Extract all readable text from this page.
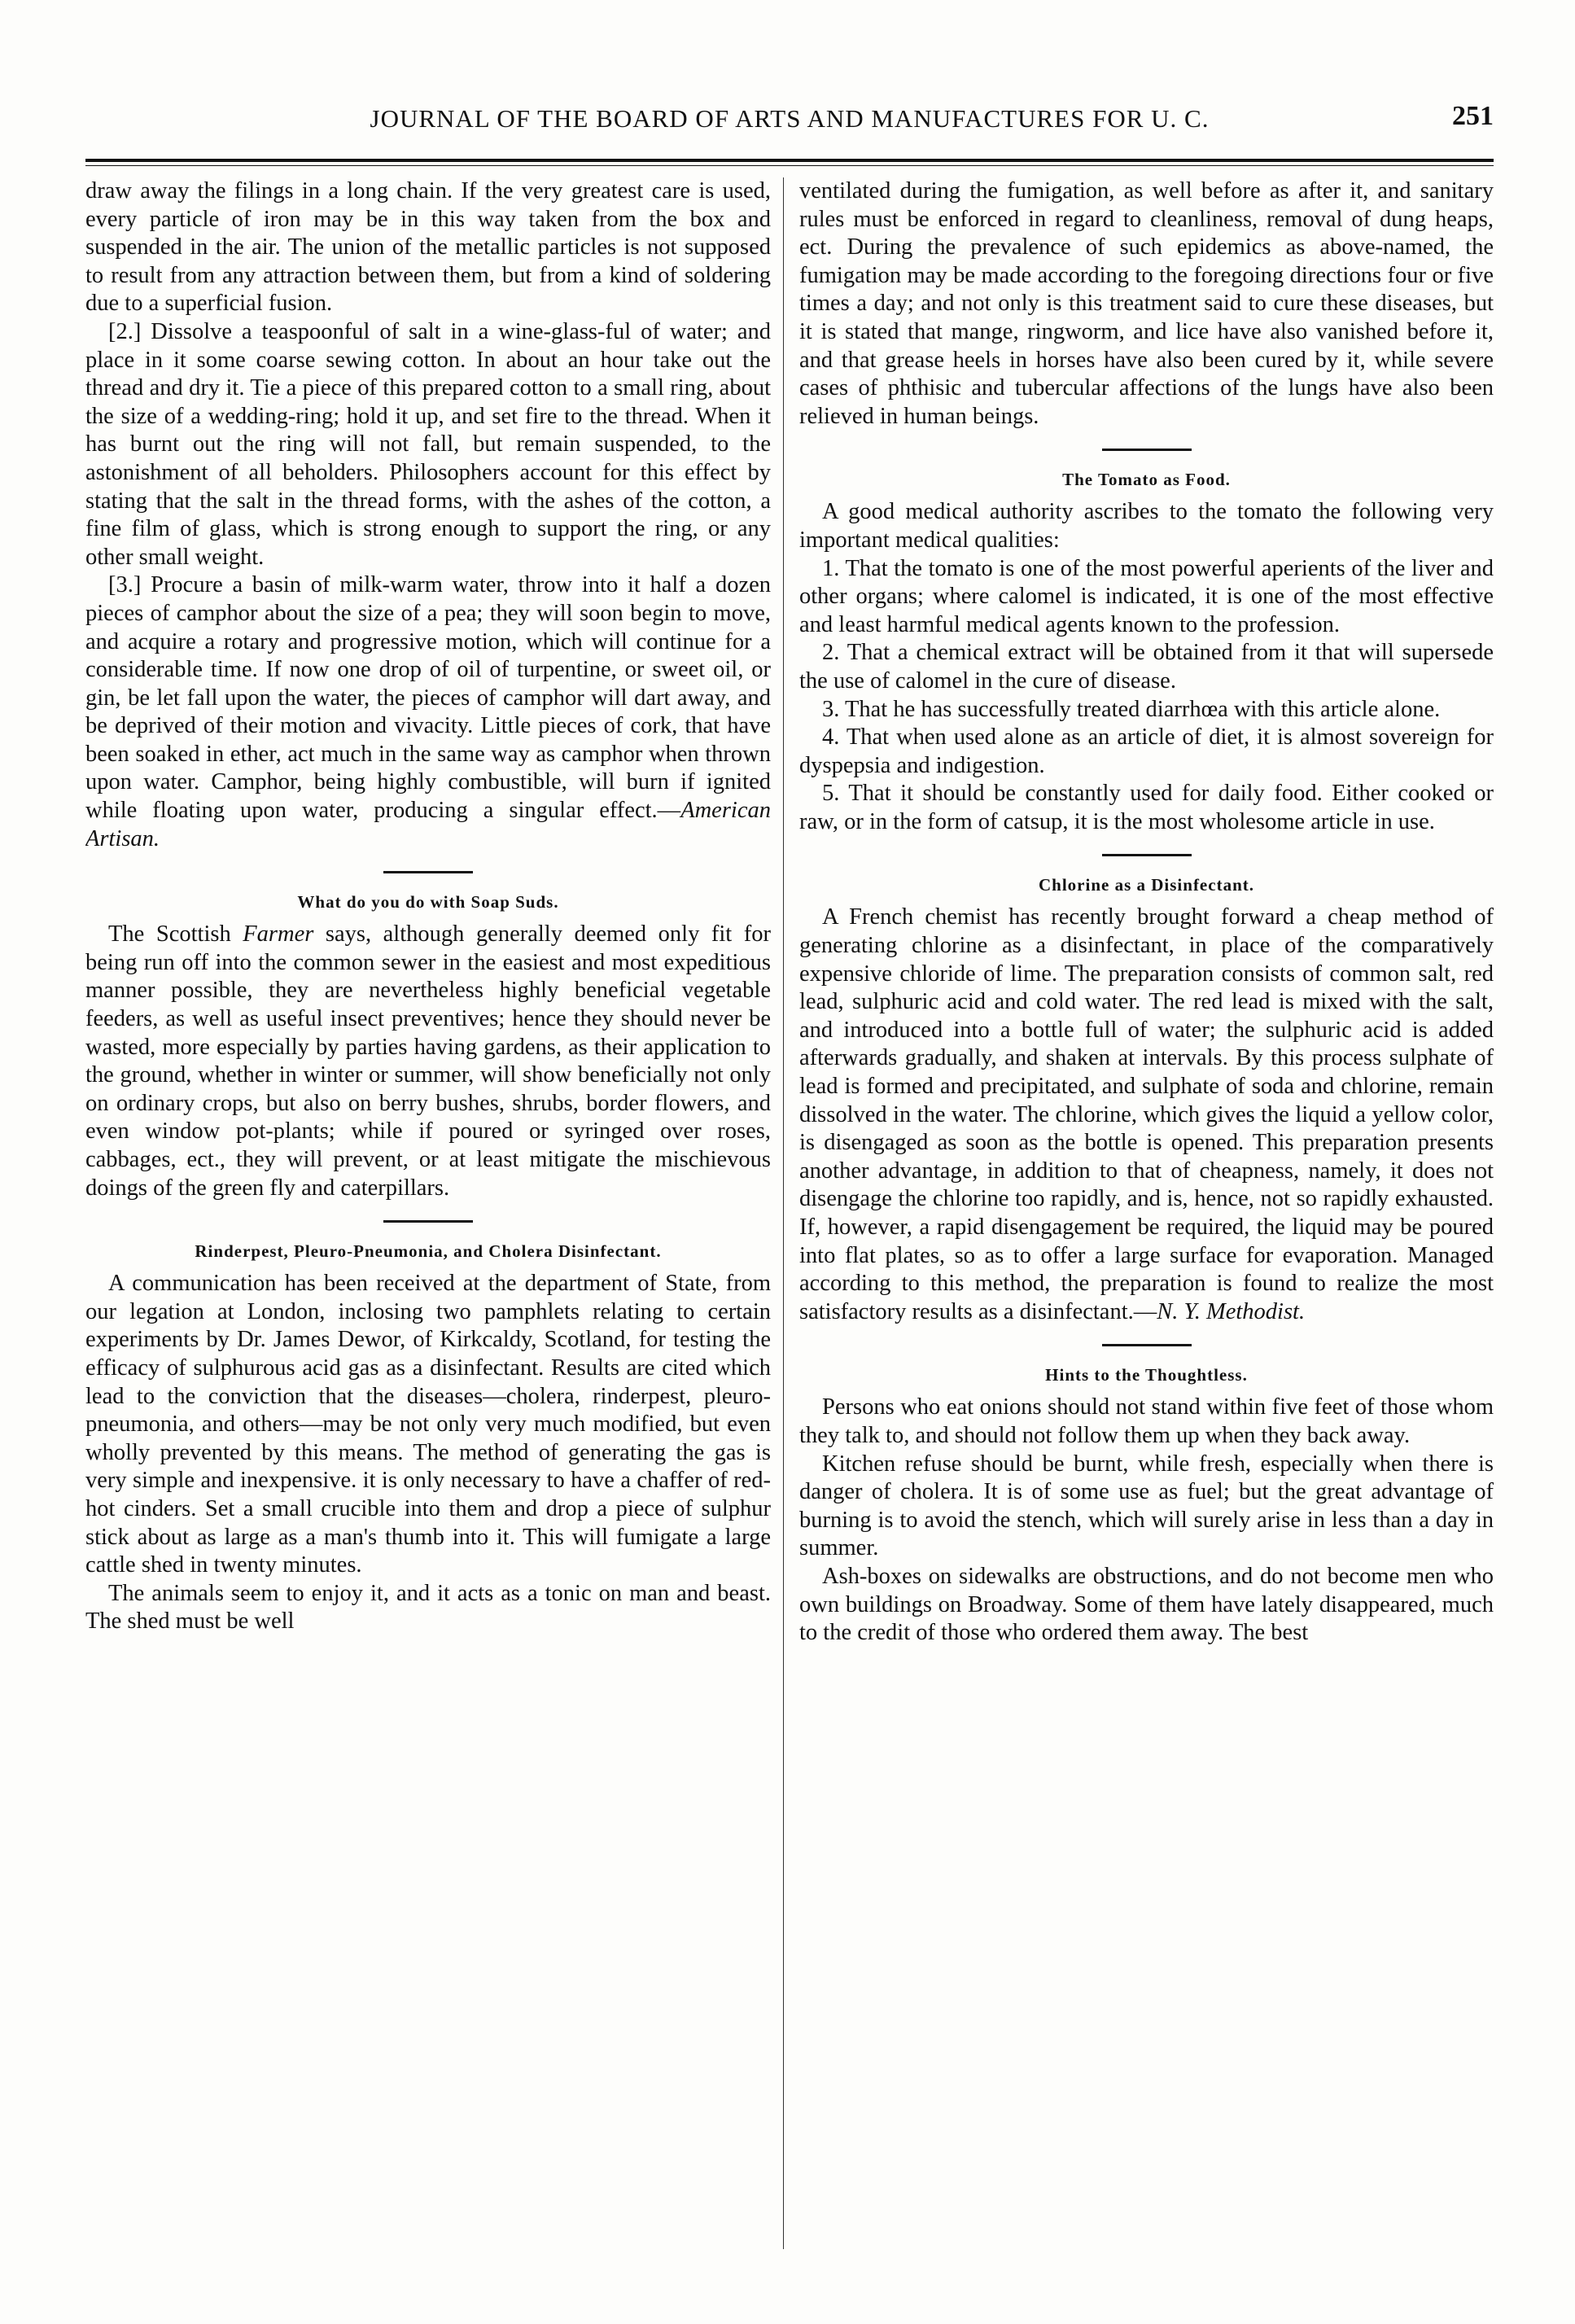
JOURNAL OF THE BOARD OF ARTS AND MANUFACTURES FOR U. C.	251

draw away the filings in a long chain. If the very greatest care is used, every particle of iron may be in this way taken from the box and suspended in the air. The union of the metallic particles is not supposed to result from any attraction between them, but from a kind of soldering due to a superficial fusion.

[2.] Dissolve a teaspoonful of salt in a wine-glass-ful of water; and place in it some coarse sewing cotton. In about an hour take out the thread and dry it. Tie a piece of this prepared cotton to a small ring, about the size of a wedding-ring; hold it up, and set fire to the thread. When it has burnt out the ring will not fall, but remain suspended, to the astonishment of all beholders. Philosophers account for this effect by stating that the salt in the thread forms, with the ashes of the cotton, a fine film of glass, which is strong enough to support the ring, or any other small weight.

[3.] Procure a basin of milk-warm water, throw into it half a dozen pieces of camphor about the size of a pea; they will soon begin to move, and acquire a rotary and progressive motion, which will continue for a considerable time. If now one drop of oil of turpentine, or sweet oil, or gin, be let fall upon the water, the pieces of camphor will dart away, and be deprived of their motion and vivacity. Little pieces of cork, that have been soaked in ether, act much in the same way as camphor when thrown upon water. Camphor, being highly combustible, will burn if ignited while floating upon water, producing a singular effect.—American Artisan.

What do you do with Soap Suds.

The Scottish Farmer says, although generally deemed only fit for being run off into the common sewer in the easiest and most expeditious manner possible, they are nevertheless highly beneficial vegetable feeders, as well as useful insect preventives; hence they should never be wasted, more especially by parties having gardens, as their application to the ground, whether in winter or summer, will show beneficially not only on ordinary crops, but also on berry bushes, shrubs, border flowers, and even window pot-plants; while if poured or syringed over roses, cabbages, ect., they will prevent, or at least mitigate the mischievous doings of the green fly and caterpillars.

Rinderpest, Pleuro-Pneumonia, and Cholera Disinfectant.

A communication has been received at the department of State, from our legation at London, inclosing two pamphlets relating to certain experiments by Dr. James Dewor, of Kirkcaldy, Scotland, for testing the efficacy of sulphurous acid gas as a disinfectant. Results are cited which lead to the conviction that the diseases—cholera, rinderpest, pleuro-pneumonia, and others—may be not only very much modified, but even wholly prevented by this means. The method of generating the gas is very simple and inexpensive. it is only necessary to have a chaffer of red-hot cinders. Set a small crucible into them and drop a piece of sulphur stick about as large as a man's thumb into it. This will fumigate a large cattle shed in twenty minutes.

The animals seem to enjoy it, and it acts as a tonic on man and beast. The shed must be well

ventilated during the fumigation, as well before as after it, and sanitary rules must be enforced in regard to cleanliness, removal of dung heaps, ect. During the prevalence of such epidemics as above-named, the fumigation may be made according to the foregoing directions four or five times a day; and not only is this treatment said to cure these diseases, but it is stated that mange, ringworm, and lice have also vanished before it, and that grease heels in horses have also been cured by it, while severe cases of phthisic and tubercular affections of the lungs have also been relieved in human beings.

The Tomato as Food.

A good medical authority ascribes to the tomato the following very important medical qualities:

1. That the tomato is one of the most powerful aperients of the liver and other organs; where calomel is indicated, it is one of the most effective and least harmful medical agents known to the profession.

2. That a chemical extract will be obtained from it that will supersede the use of calomel in the cure of disease.

3. That he has successfully treated diarrhœa with this article alone.

4. That when used alone as an article of diet, it is almost sovereign for dyspepsia and indigestion.

5. That it should be constantly used for daily food. Either cooked or raw, or in the form of catsup, it is the most wholesome article in use.

Chlorine as a Disinfectant.

A French chemist has recently brought forward a cheap method of generating chlorine as a disinfectant, in place of the comparatively expensive chloride of lime. The preparation consists of common salt, red lead, sulphuric acid and cold water. The red lead is mixed with the salt, and introduced into a bottle full of water; the sulphuric acid is added afterwards gradually, and shaken at intervals. By this process sulphate of lead is formed and precipitated, and sulphate of soda and chlorine, remain dissolved in the water. The chlorine, which gives the liquid a yellow color, is disengaged as soon as the bottle is opened. This preparation presents another advantage, in addition to that of cheapness, namely, it does not disengage the chlorine too rapidly, and is, hence, not so rapidly exhausted. If, however, a rapid disengagement be required, the liquid may be poured into flat plates, so as to offer a large surface for evaporation. Managed according to this method, the preparation is found to realize the most satisfactory results as a disinfectant.—N. Y. Methodist.

Hints to the Thoughtless.

Persons who eat onions should not stand within five feet of those whom they talk to, and should not follow them up when they back away.

Kitchen refuse should be burnt, while fresh, especially when there is danger of cholera. It is of some use as fuel; but the great advantage of burning is to avoid the stench, which will surely arise in less than a day in summer.

Ash-boxes on sidewalks are obstructions, and do not become men who own buildings on Broadway. Some of them have lately disappeared, much to the credit of those who ordered them away. The best
